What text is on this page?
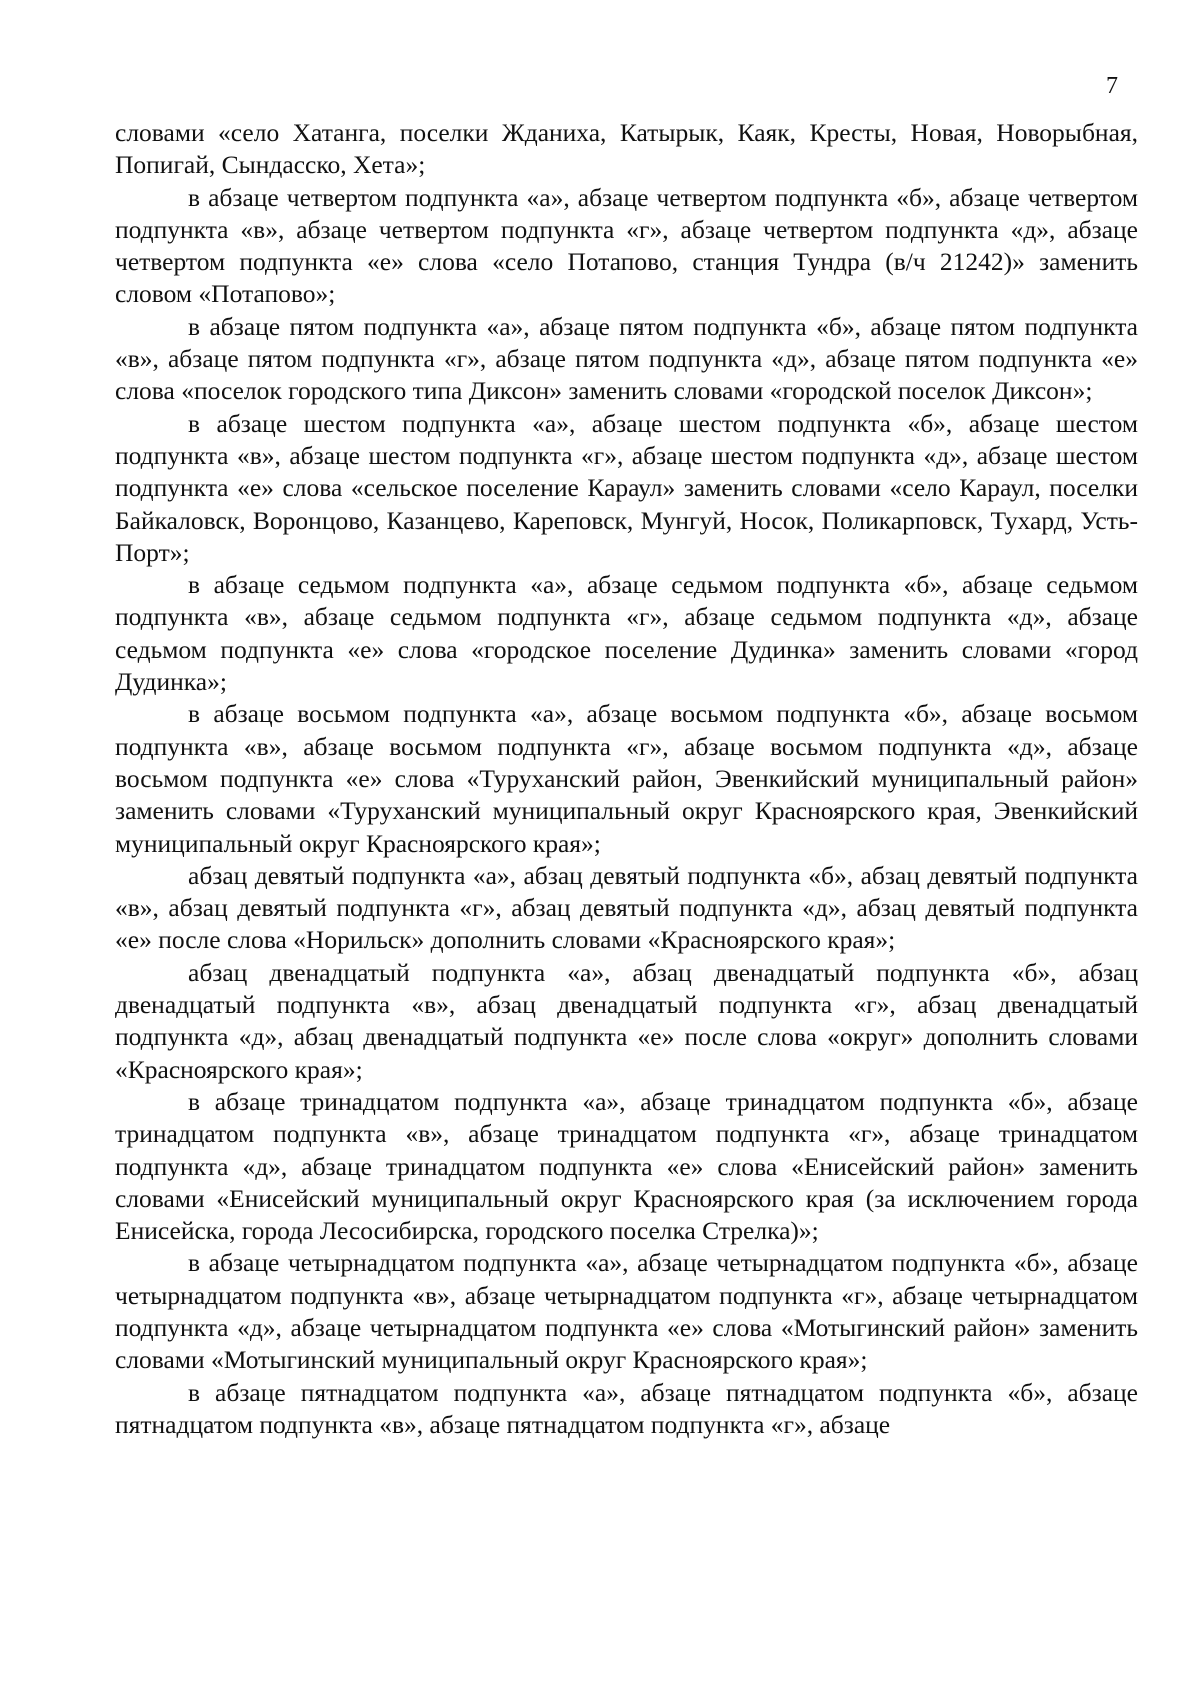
7

словами «село Хатанга, поселки Жданиха, Катырык, Каяк, Кресты, Новая, Новорыбная, Попигай, Сындасско, Хета»;

в абзаце четвертом подпункта «а», абзаце четвертом подпункта «б», абзаце четвертом подпункта «в», абзаце четвертом подпункта «г», абзаце четвертом подпункта «д», абзаце четвертом подпункта «е» слова «село Потапово, станция Тундра (в/ч 21242)» заменить словом «Потапово»;

в абзаце пятом подпункта «а», абзаце пятом подпункта «б», абзаце пятом подпункта «в», абзаце пятом подпункта «г», абзаце пятом подпункта «д», абзаце пятом подпункта «е» слова «поселок городского типа Диксон» заменить словами «городской поселок Диксон»;

в абзаце шестом подпункта «а», абзаце шестом подпункта «б», абзаце шестом подпункта «в», абзаце шестом подпункта «г», абзаце шестом подпункта «д», абзаце шестом подпункта «е» слова «сельское поселение Караул» заменить словами «село Караул, поселки Байкаловск, Воронцово, Казанцево, Кареповск, Мунгуй, Носок, Поликарповск, Тухард, Усть-Порт»;

в абзаце седьмом подпункта «а», абзаце седьмом подпункта «б», абзаце седьмом подпункта «в», абзаце седьмом подпункта «г», абзаце седьмом подпункта «д», абзаце седьмом подпункта «е» слова «городское поселение Дудинка» заменить словами «город Дудинка»;

в абзаце восьмом подпункта «а», абзаце восьмом подпункта «б», абзаце восьмом подпункта «в», абзаце восьмом подпункта «г», абзаце восьмом подпункта «д», абзаце восьмом подпункта «е» слова «Туруханский район, Эвенкийский муниципальный район» заменить словами «Туруханский муниципальный округ Красноярского края, Эвенкийский муниципальный округ Красноярского края»;

абзац девятый подпункта «а», абзац девятый подпункта «б», абзац девятый подпункта «в», абзац девятый подпункта «г», абзац девятый подпункта «д», абзац девятый подпункта «е» после слова «Норильск» дополнить словами «Красноярского края»;

абзац двенадцатый подпункта «а», абзац двенадцатый подпункта «б», абзац двенадцатый подпункта «в», абзац двенадцатый подпункта «г», абзац двенадцатый подпункта «д», абзац двенадцатый подпункта «е» после слова «округ» дополнить словами «Красноярского края»;

в абзаце тринадцатом подпункта «а», абзаце тринадцатом подпункта «б», абзаце тринадцатом подпункта «в», абзаце тринадцатом подпункта «г», абзаце тринадцатом подпункта «д», абзаце тринадцатом подпункта «е» слова «Енисейский район» заменить словами «Енисейский муниципальный округ Красноярского края (за исключением города Енисейска, города Лесосибирска, городского поселка Стрелка)»;

в абзаце четырнадцатом подпункта «а», абзаце четырнадцатом подпункта «б», абзаце четырнадцатом подпункта «в», абзаце четырнадцатом подпункта «г», абзаце четырнадцатом подпункта «д», абзаце четырнадцатом подпункта «е» слова «Мотыгинский район» заменить словами «Мотыгинский муниципальный округ Красноярского края»;

в абзаце пятнадцатом подпункта «а», абзаце пятнадцатом подпункта «б», абзаце пятнадцатом подпункта «в», абзаце пятнадцатом подпункта «г», абзаце
